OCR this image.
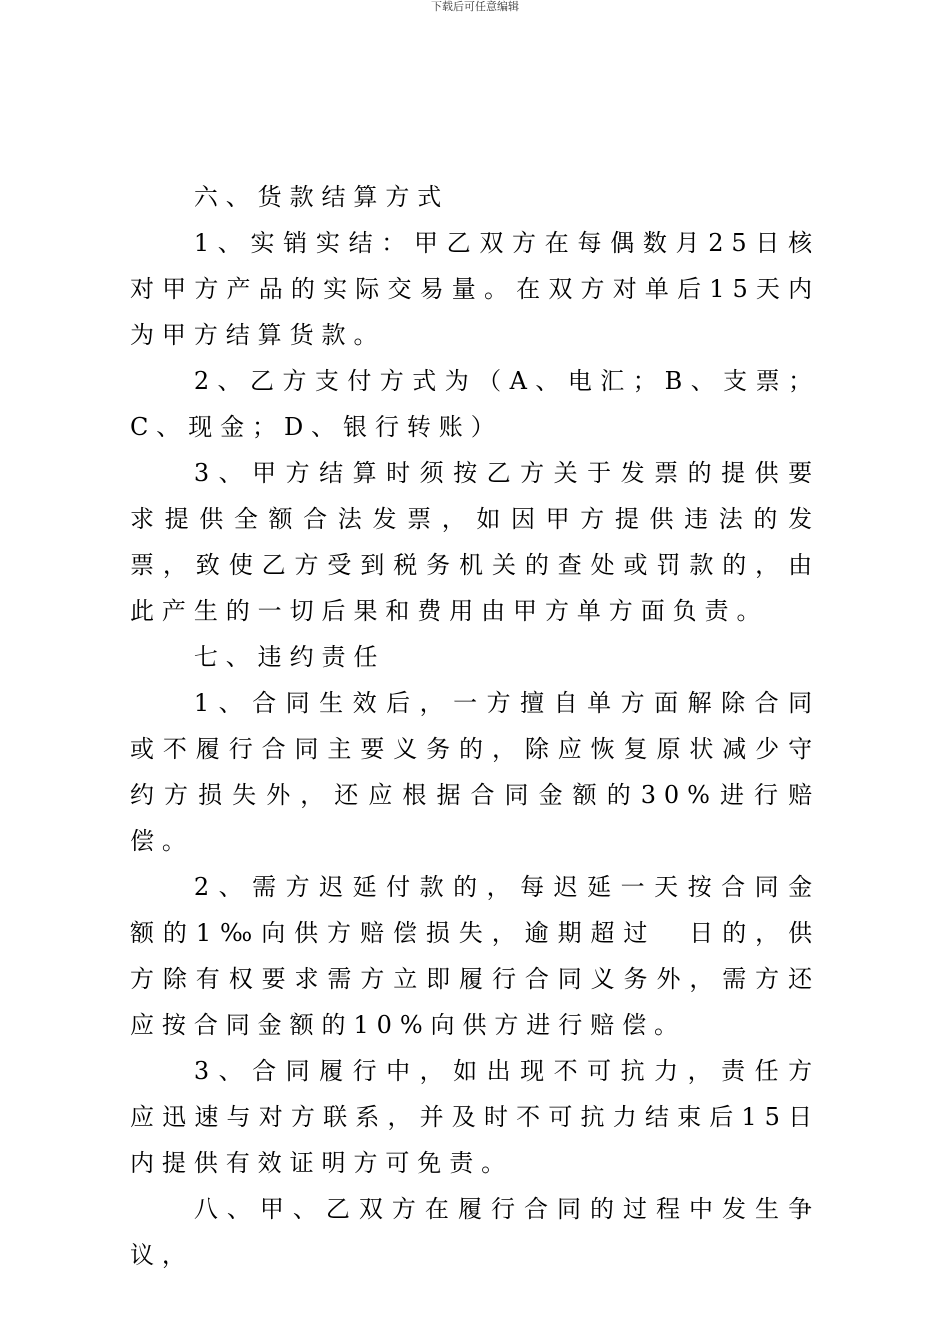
下载后可任意编辑

六、货款结算方式

1、实销实结：甲乙双方在每偶数月25日核对甲方产品的实际交易量。在双方对单后15天内为甲方结算货款。

2、乙方支付方式为（A、电汇；B、支票；C、现金；D、银行转账）

3、甲方结算时须按乙方关于发票的提供要求提供全额合法发票，如因甲方提供违法的发票，致使乙方受到税务机关的查处或罚款的，由此产生的一切后果和费用由甲方单方面负责。

七、违约责任

1、合同生效后，一方擅自单方面解除合同或不履行合同主要义务的，除应恢复原状减少守约方损失外，还应根据合同金额的30%进行赔偿。

2、需方迟延付款的，每迟延一天按合同金额的1‰向供方赔偿损失，逾期超过　日的，供方除有权要求需方立即履行合同义务外，需方还应按合同金额的10%向供方进行赔偿。

3、合同履行中，如出现不可抗力，责任方应迅速与对方联系，并及时不可抗力结束后15日内提供有效证明方可免责。

八、甲、乙双方在履行合同的过程中发生争议，
